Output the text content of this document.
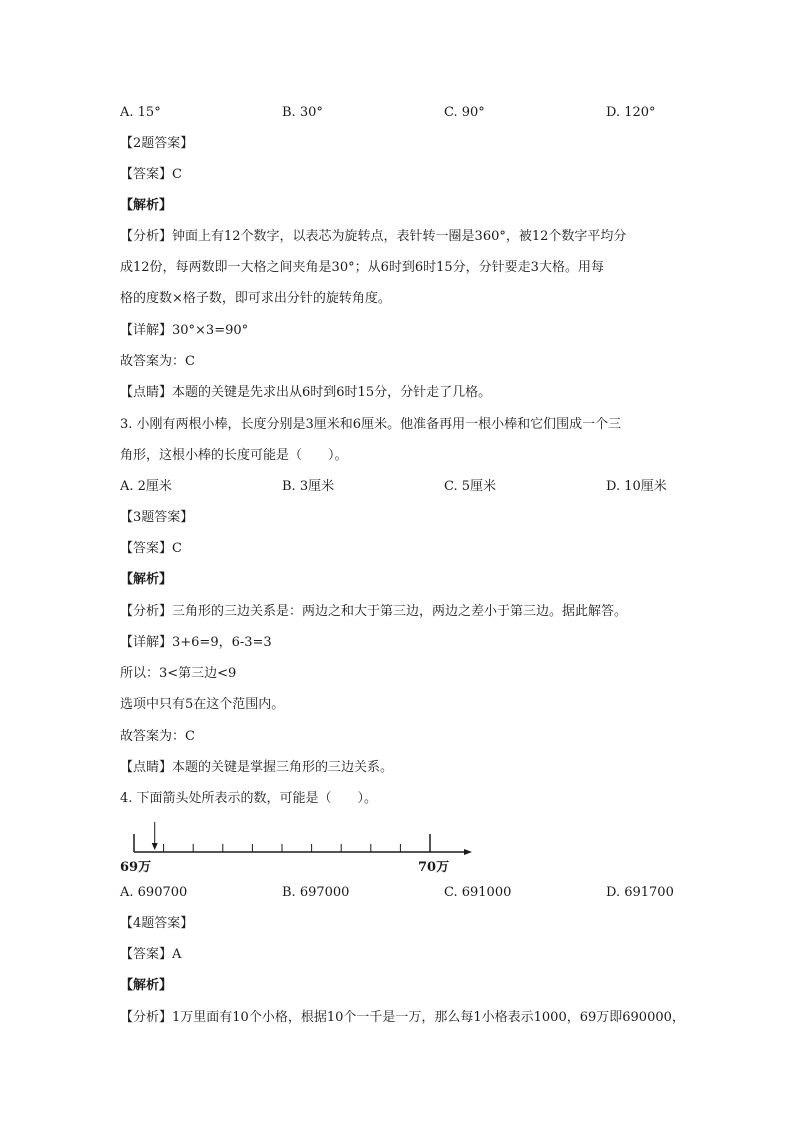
A. 15°	B. 30°	C. 90°	D. 120°
【2题答案】
【答案】C
【解析】
【分析】钟面上有12个数字，以表芯为旋转点，表针转一圈是360°，被12个数字平均分
成12份，每两数即一大格之间夹角是30°；从6时到6时15分，分针要走3大格。用每
格的度数×格子数，即可求出分针的旋转角度。
【详解】30°×3=90°
故答案为：C
【点睛】本题的关键是先求出从6时到6时15分，分针走了几格。
3. 小刚有两根小棒，长度分别是3厘米和6厘米。他准备再用一根小棒和它们围成一个三
角形，这根小棒的长度可能是（　　）。
A. 2厘米	B. 3厘米	C. 5厘米	D. 10厘米
【3题答案】
【答案】C
【解析】
【分析】三角形的三边关系是：两边之和大于第三边，两边之差小于第三边。据此解答。
【详解】3+6=9，6-3=3
所以：3<第三边<9
选项中只有5在这个范围内。
故答案为：C
【点睛】本题的关键是掌握三角形的三边关系。
4. 下面箭头处所表示的数，可能是（　　）。
69万	70万
A. 690700	B. 697000	C. 691000	D. 691700
【4题答案】
【答案】A
【解析】
【分析】1万里面有10个小格，根据10个一千是一万，那么每1小格表示1000，69万即690000，
